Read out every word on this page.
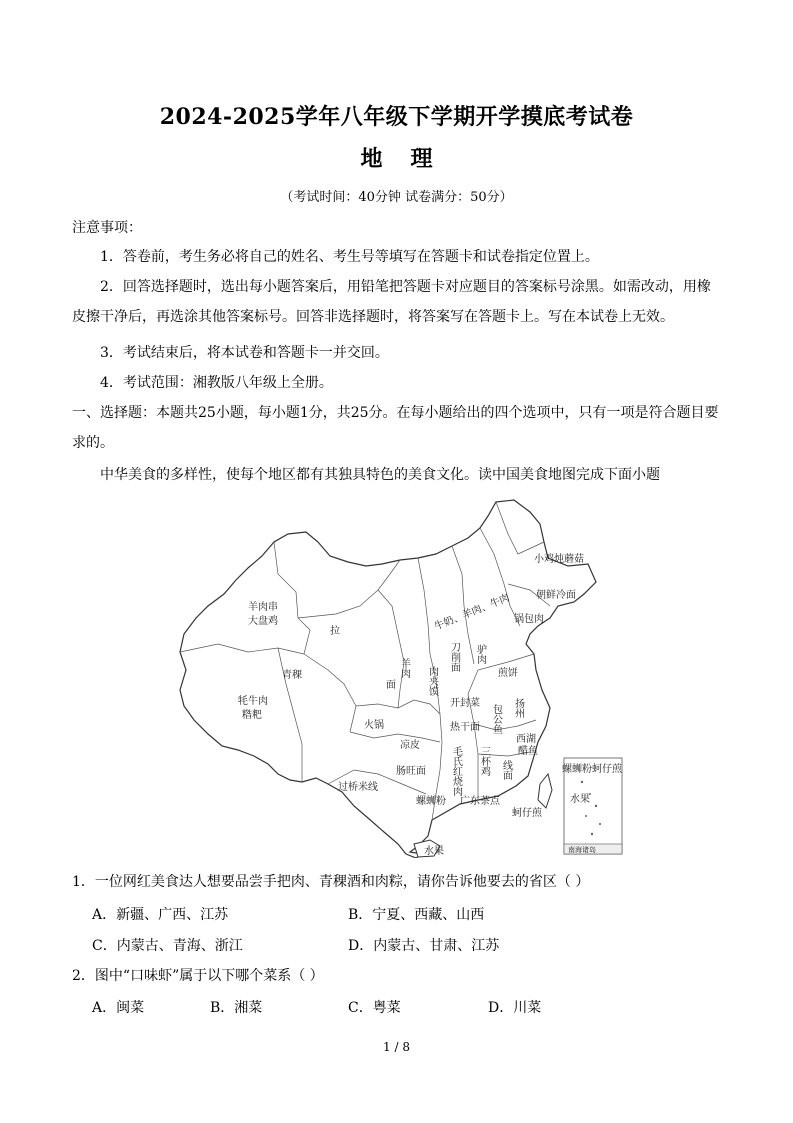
2024-2025学年八年级下学期开学摸底考试卷
地理
（考试时间：40分钟 试卷满分：50分）
注意事项：
1．答卷前，考生务必将自己的姓名、考生号等填写在答题卡和试卷指定位置上。
2．回答选择题时，选出每小题答案后，用铅笔把答题卡对应题目的答案标号涂黑。如需改动，用橡皮擦干净后，再选涂其他答案标号。回答非选择题时，将答案写在答题卡上。写在本试卷上无效。
3．考试结束后，将本试卷和答题卡一并交回。
4．考试范围：湘教版八年级上全册。
一、选择题：本题共25小题，每小题1分，共25分。在每小题给出的四个选项中，只有一项是符合题目要求的。
中华美食的多样性，使每个地区都有其独具特色的美食文化。读中国美食地图完成下面小题
小鸡炖蘑菇
朝鲜冷面
羊肉串
大盘鸡	牛奶、羊肉、牛肉 锅包肉
拉
青稞
刀削面 驴肉
煎饼
面
羊肉 肉夹馍
开封菜
牦牛肉
糌粑
火锅	包公鱼 扬州
西湖
醋鱼
热干面
凉皮
肠旺面 毛氏红烧肉 三杯鸡 线面
过桥米线
螺蛳粉
螺蛳粉
广东茶点
蚵仔煎
蚵仔煎
水果
水果	南海诸岛
1．一位网红美食达人想要品尝手把肉、青稞酒和肉粽，请你告诉他要去的省区（ ）
A．新疆、广西、江苏	B．宁夏、西藏、山西
C．内蒙古、青海、浙江	D．内蒙古、甘肃、江苏
2．图中“口味虾”属于以下哪个菜系（ ）
A．闽菜	B．湘菜	C．粤菜	D．川菜
1 / 8
